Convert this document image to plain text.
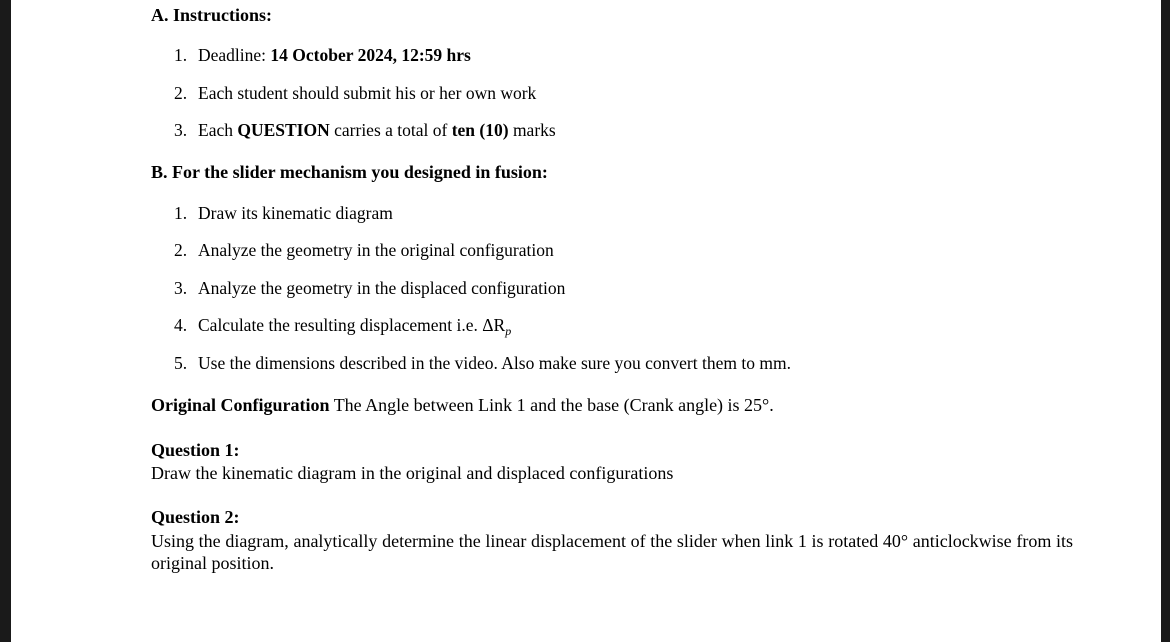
A. Instructions:
1. Deadline: 14 October 2024, 12:59 hrs
2. Each student should submit his or her own work
3. Each QUESTION carries a total of ten (10) marks
B. For the slider mechanism you designed in fusion:
1. Draw its kinematic diagram
2. Analyze the geometry in the original configuration
3. Analyze the geometry in the displaced configuration
4. Calculate the resulting displacement i.e. $\Delta R_p$
5. Use the dimensions described in the video. Also make sure you convert them to mm.
Original Configuration The Angle between Link 1 and the base (Crank angle) is 25°.
Question 1:
Draw the kinematic diagram in the original and displaced configurations
Question 2:
Using the diagram, analytically determine the linear displacement of the slider when link 1 is rotated 40° anticlockwise from its original position.
